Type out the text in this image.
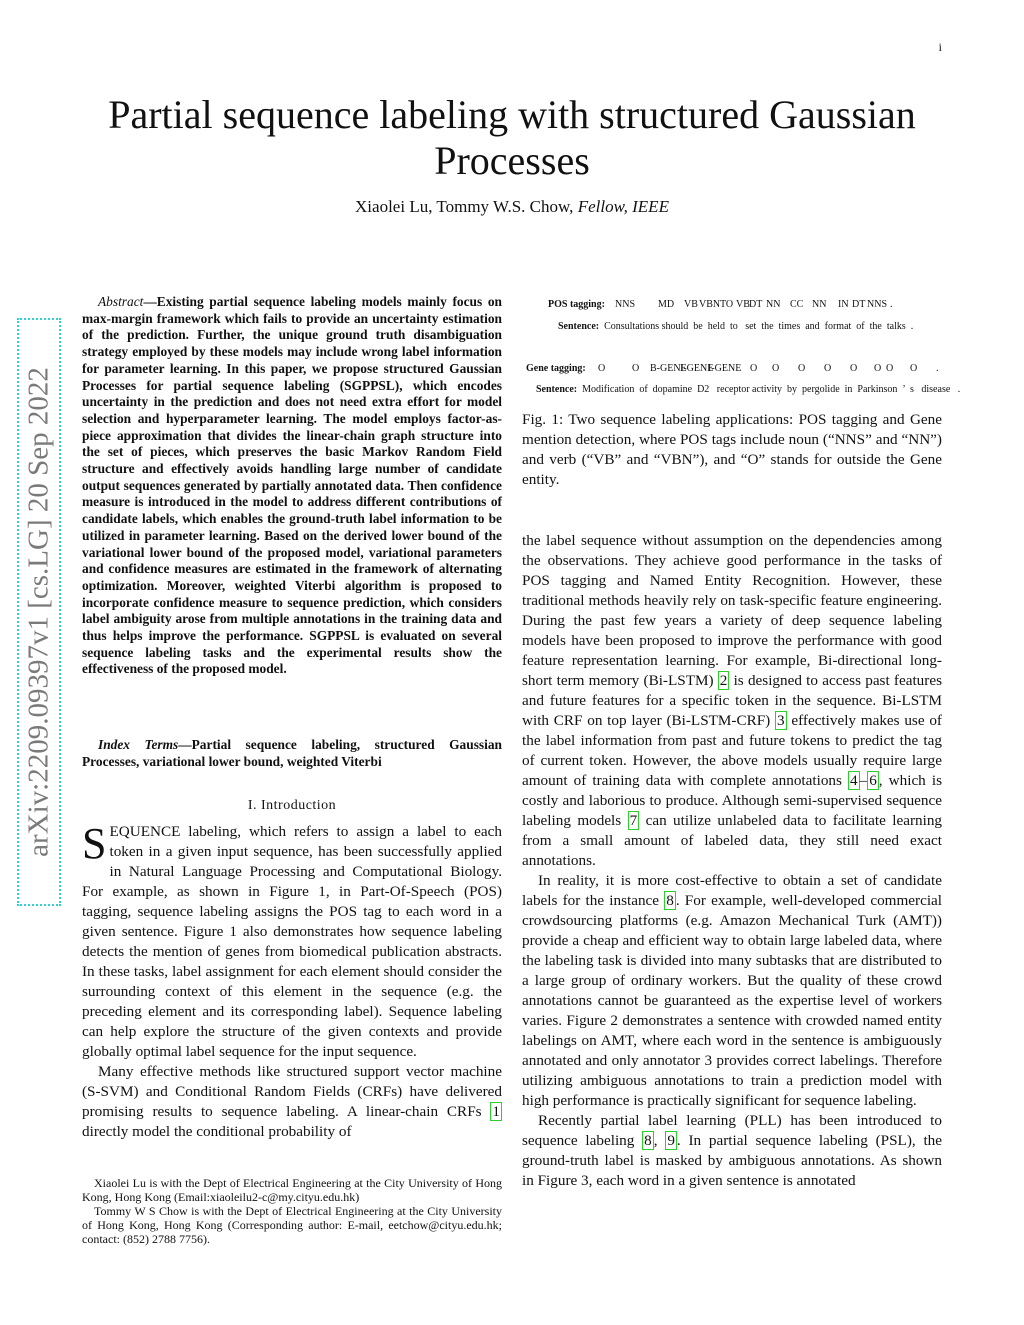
i
arXiv:2209.09397v1 [cs.LG] 20 Sep 2022
Partial sequence labeling with structured Gaussian Processes
Xiaolei Lu, Tommy W.S. Chow, Fellow, IEEE

Abstract—Existing partial sequence labeling models mainly focus on max-margin framework which fails to provide an uncertainty estimation of the prediction. Further, the unique ground truth disambiguation strategy employed by these models may include wrong label information for parameter learning. In this paper, we propose structured Gaussian Processes for partial sequence labeling (SGPPSL), which encodes uncertainty in the prediction and does not need extra effort for model selection and hyperparameter learning. The model employs factor-as-piece approximation that divides the linear-chain graph structure into the set of pieces, which preserves the basic Markov Random Field structure and effectively avoids handling large number of candidate output sequences generated by partially annotated data. Then confidence measure is introduced in the model to address different contributions of candidate labels, which enables the ground-truth label information to be utilized in parameter learning. Based on the derived lower bound of the variational lower bound of the proposed model, variational parameters and confidence measures are estimated in the framework of alternating optimization. Moreover, weighted Viterbi algorithm is proposed to incorporate confidence measure to sequence prediction, which considers label ambiguity arose from multiple annotations in the training data and thus helps improve the performance. SGPPSL is evaluated on several sequence labeling tasks and the experimental results show the effectiveness of the proposed model.

Index Terms—Partial sequence labeling, structured Gaussian Processes, variational lower bound, weighted Viterbi

I. Introduction

SEQUENCE labeling, which refers to assign a label to each token in a given input sequence, has been successfully applied in Natural Language Processing and Computational Biology. For example, as shown in Figure 1, in Part-Of-Speech (POS) tagging, sequence labeling assigns the POS tag to each word in a given sentence. Figure 1 also demonstrates how sequence labeling detects the mention of genes from biomedical publication abstracts. In these tasks, label assignment for each element should consider the surrounding context of this element in the sequence (e.g. the preceding element and its corresponding label). Sequence labeling can help explore the structure of the given contexts and provide globally optimal label sequence for the input sequence.

Many effective methods like structured support vector machine (S-SVM) and Conditional Random Fields (CRFs) have delivered promising results to sequence labeling. A linear-chain CRFs 1 directly model the conditional probability of

Xiaolei Lu is with the Dept of Electrical Engineering at the City University of Hong Kong, Hong Kong (Email:xiaoleilu2-c@my.cityu.edu.hk)

Tommy W S Chow is with the Dept of Electrical Engineering at the City University of Hong Kong, Hong Kong (Corresponding author: E-mail, eetchow@cityu.edu.hk; contact: (852) 2788 7756).

POS tagging: NNS MD VB VBN TO VB DT NN CC NN IN DT NNS .
Sentence: Consultations should  be  held  to   set  the  times  and  format  of  the  talks  .
Gene tagging: O	O B-GENE
I-GENE
I-GENE O O O O O O O O .
Sentence: Modification  of  dopamine  D2   receptor activity  by  pergolide  in  Parkinson  ’  s   disease   .

Fig. 1: Two sequence labeling applications: POS tagging and Gene mention detection, where POS tags include noun (“NNS” and “NN”) and verb (“VB” and “VBN”), and “O” stands for outside the Gene entity.

the label sequence without assumption on the dependencies among the observations. They achieve good performance in the tasks of POS tagging and Named Entity Recognition. However, these traditional methods heavily rely on task-specific feature engineering. During the past few years a variety of deep sequence labeling models have been proposed to improve the performance with good feature representation learning. For example, Bi-directional long-short term memory (Bi-LSTM) 2 is designed to access past features and future features for a specific token in the sequence. Bi-LSTM with CRF on top layer (Bi-LSTM-CRF) 3 effectively makes use of the label information from past and future tokens to predict the tag of current token. However, the above models usually require large amount of training data with complete annotations 4 – 6 , which is costly and laborious to produce. Although semi-supervised sequence labeling models 7 can utilize unlabeled data to facilitate learning from a small amount of labeled data, they still need exact annotations.

In reality, it is more cost-effective to obtain a set of candidate labels for the instance 8 . For example, well-developed commercial crowdsourcing platforms (e.g. Amazon Mechanical Turk (AMT)) provide a cheap and efficient way to obtain large labeled data, where the labeling task is divided into many subtasks that are distributed to a large group of ordinary workers. But the quality of these crowd annotations cannot be guaranteed as the expertise level of workers varies. Figure 2 demonstrates a sentence with crowded named entity labelings on AMT, where each word in the sentence is ambiguously annotated and only annotator 3 provides correct labelings. Therefore utilizing ambiguous annotations to train a prediction model with high performance is practically significant for sequence labeling.

Recently partial label learning (PLL) has been introduced to sequence labeling 8 , 9 . In partial sequence labeling (PSL), the ground-truth label is masked by ambiguous annotations. As shown in Figure 3, each word in a given sentence is annotated
